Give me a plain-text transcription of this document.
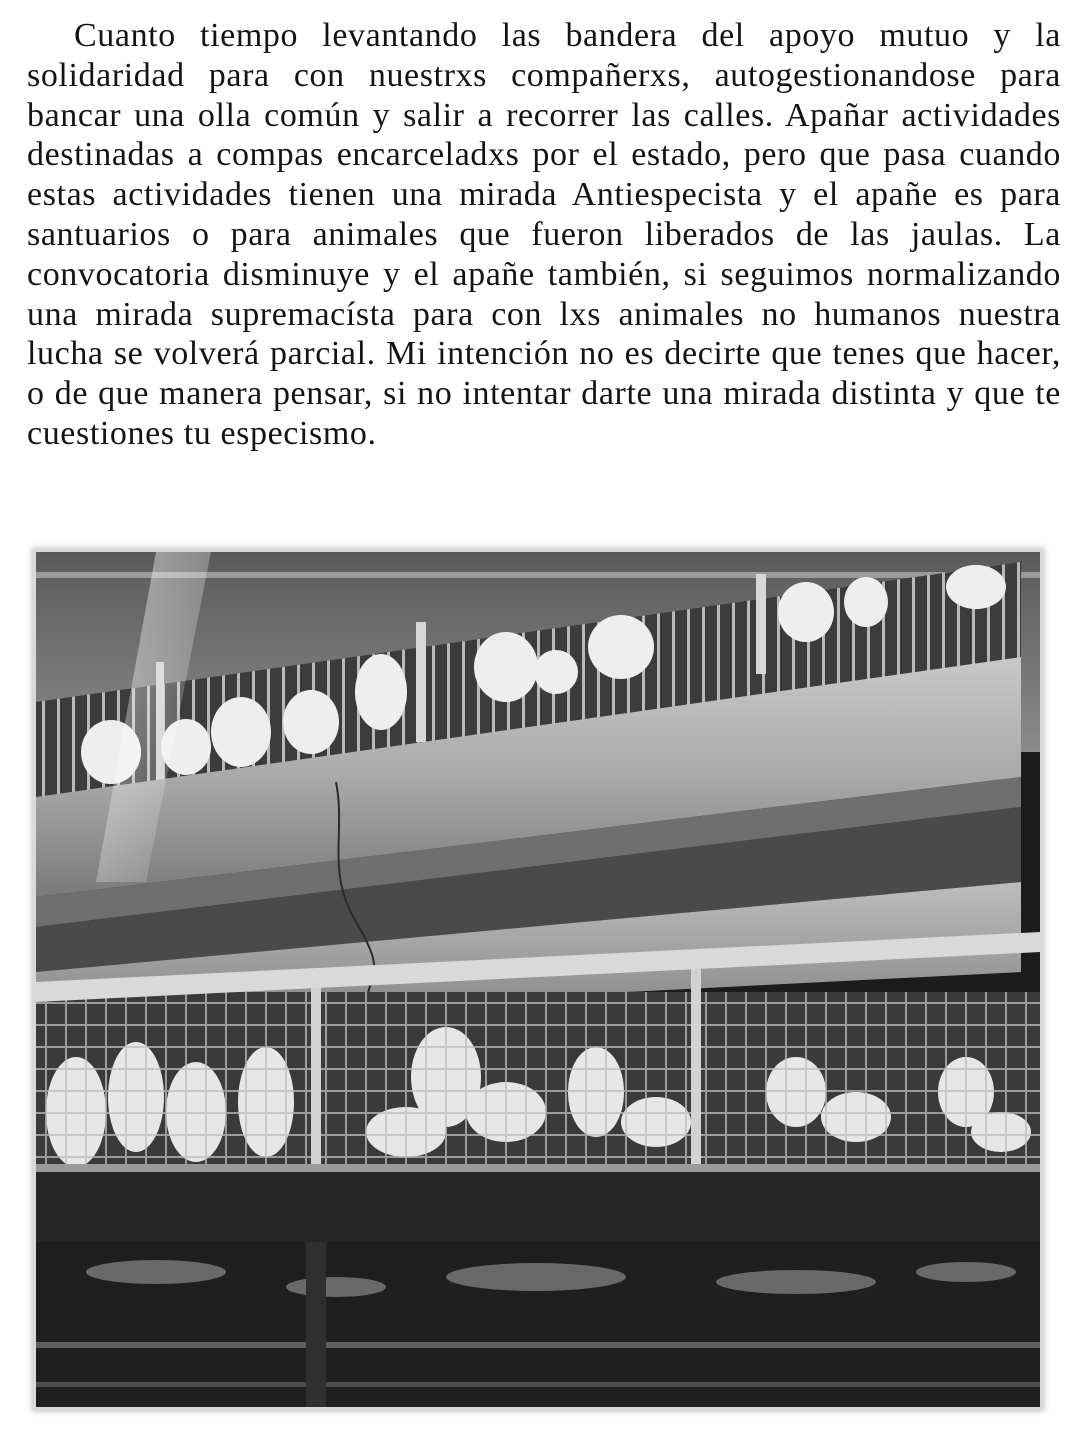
Cuanto tiempo levantando las bandera del apoyo mutuo y la solidaridad para con nuestrxs compañerxs, autogestionandose para bancar una olla común y salir a recorrer las calles. Apañar actividades destinadas a compas encarceladxs por el estado, pero que pasa cuando estas actividades tienen una mirada Antiespecista y el apañe es para santuarios o para animales que fueron liberados de las jaulas. La convocatoria disminuye y el apañe también, si seguimos normalizando una mirada supremacísta para con lxs animales no humanos nuestra lucha se volverá parcial. Mi intención no es decirte que tenes que hacer, o de que manera pensar, si no intentar darte una mirada distinta y que te cuestiones tu especismo.
